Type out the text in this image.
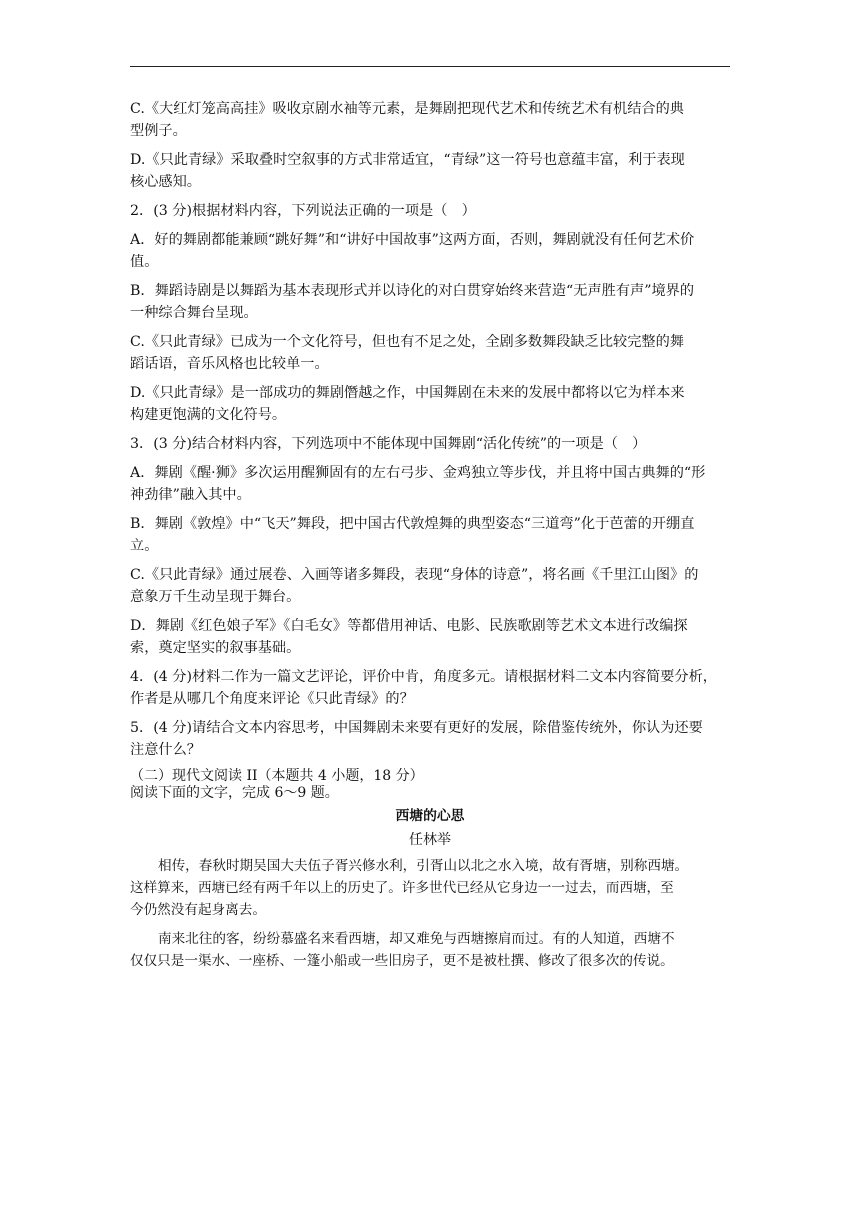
C.《大红灯笼高高挂》吸收京剧水袖等元素，是舞剧把现代艺术和传统艺术有机结合的典
型例子。
D.《只此青绿》采取叠时空叙事的方式非常适宜，“青绿”这一符号也意蕴丰富，利于表现
核心感知。
2．(3 分)根据材料内容，下列说法正确的一项是（　）
A．好的舞剧都能兼顾“跳好舞”和“讲好中国故事”这两方面，否则，舞剧就没有任何艺术价
值。
B．舞蹈诗剧是以舞蹈为基本表现形式并以诗化的对白贯穿始终来营造“无声胜有声”境界的
一种综合舞台呈现。
C.《只此青绿》已成为一个文化符号，但也有不足之处，全剧多数舞段缺乏比较完整的舞
蹈话语，音乐风格也比较单一。
D.《只此青绿》是一部成功的舞剧僭越之作，中国舞剧在未来的发展中都将以它为样本来
构建更饱满的文化符号。
3．(3 分)结合材料内容，下列选项中不能体现中国舞剧“活化传统”的一项是（　）
A．舞剧《醒·狮》多次运用醒狮固有的左右弓步、金鸡独立等步伐，并且将中国古典舞的“形
神劲律”融入其中。
B．舞剧《敦煌》中“飞天”舞段，把中国古代敦煌舞的典型姿态“三道弯”化于芭蕾的开绷直
立。
C.《只此青绿》通过展卷、入画等诸多舞段，表现“身体的诗意”，将名画《千里江山图》的
意象万千生动呈现于舞台。
D．舞剧《红色娘子军》《白毛女》等都借用神话、电影、民族歌剧等艺术文本进行改编探
索，奠定坚实的叙事基础。
4．(4 分)材料二作为一篇文艺评论，评价中肯，角度多元。请根据材料二文本内容简要分析，
作者是从哪几个角度来评论《只此青绿》的？
5．(4 分)请结合文本内容思考，中国舞剧未来要有更好的发展，除借鉴传统外，你认为还要
注意什么？
（二）现代文阅读 II（本题共 4 小题，18 分）
阅读下面的文字，完成 6～9 题。
西塘的心思
任林举
相传，春秋时期吴国大夫伍子胥兴修水利，引胥山以北之水入境，故有胥塘，别称西塘。
这样算来，西塘已经有两千年以上的历史了。许多世代已经从它身边一一过去，而西塘，至
今仍然没有起身离去。
南来北往的客，纷纷慕盛名来看西塘，却又难免与西塘擦肩而过。有的人知道，西塘不
仅仅只是一渠水、一座桥、一篷小船或一些旧房子，更不是被杜撰、修改了很多次的传说。
